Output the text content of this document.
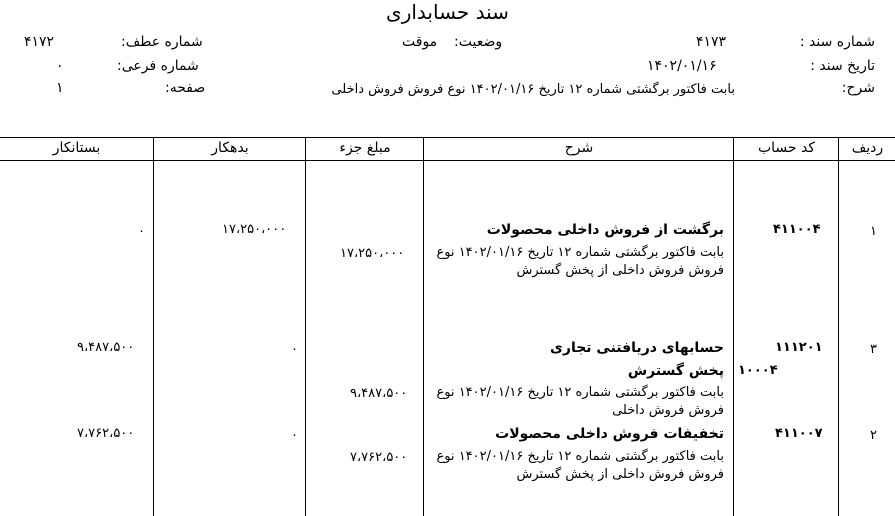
سند حسابداری
شماره سند :
۴۱۷۳
وضعیت:
موقت
شماره عطف:
۴۱۷۲
تاریخ سند :
۱۴۰۲/۰۱/۱۶
شماره فرعی:
۰
شرح:
بابت فاکتور برگشتی شماره ۱۲ تاریخ ۱۴۰۲/۰۱/۱۶ نوع فروش فروش داخلی
صفحه:
۱
ردیف
کد حساب
شرح
مبلغ جزء
بدهکار
بستانکار
۱
۴۱۱۰۰۴
برگشت از فروش داخلی محصولات
بابت فاکتور برگشتی شماره ۱۲ تاریخ ۱۴۰۲/۰۱/۱۶ نوع فروش فروش داخلی از پخش گسترش
۱۷،۲۵۰،۰۰۰
۱۷،۲۵۰،۰۰۰
۰
۳
۱۱۱۲۰۱
۱۰۰۰۴
حسابهای دریافتنی تجاری
پخش گسترش
بابت فاکتور برگشتی شماره ۱۲ تاریخ ۱۴۰۲/۰۱/۱۶ نوع فروش فروش داخلی
۹،۴۸۷،۵۰۰
۰
۹،۴۸۷،۵۰۰
۲
۴۱۱۰۰۷
تخفیفات فروش داخلی محصولات
بابت فاکتور برگشتی شماره ۱۲ تاریخ ۱۴۰۲/۰۱/۱۶ نوع فروش فروش داخلی از پخش گسترش
۷،۷۶۲،۵۰۰
۰
۷،۷۶۲،۵۰۰
